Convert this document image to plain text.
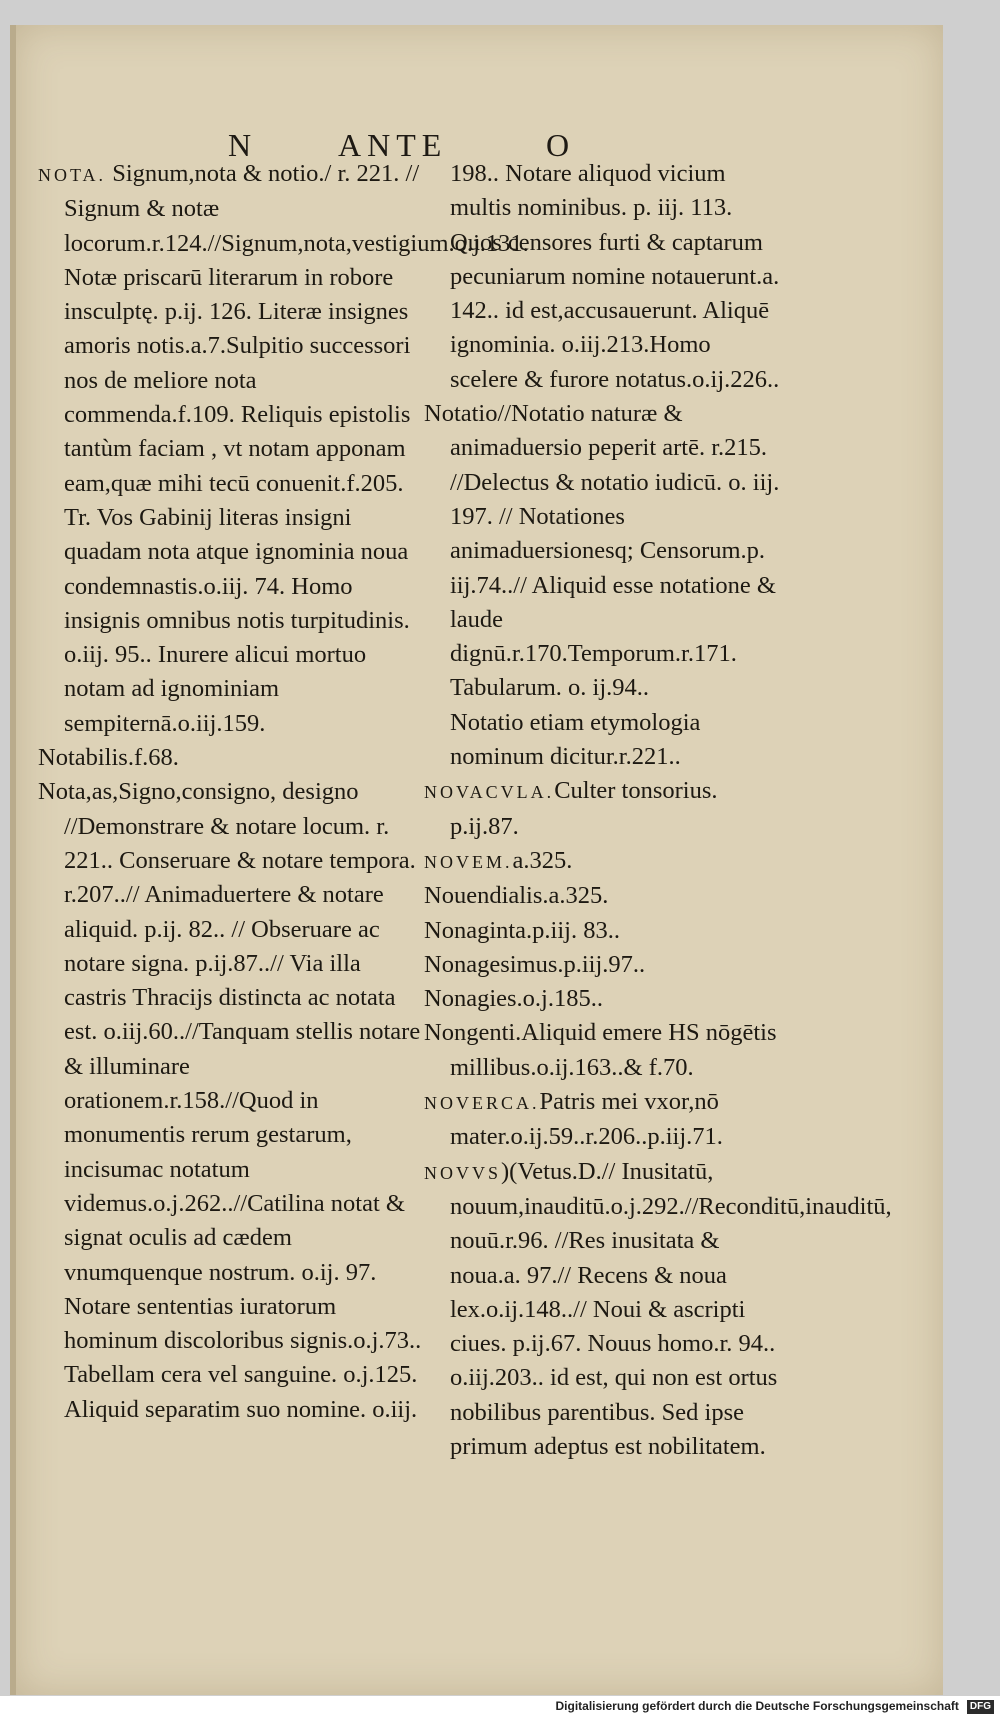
N	ANTE	O

NOTA. Signum,nota & notio./ r. 221. // Signum & notæ locorum.r.124.//Signum,nota,vestigium.o.j.131. Notæ priscarū literarum in robore insculptę. p.ij. 126. Literæ insignes amoris notis.a.7.Sulpitio successori nos de meliore nota commenda.f.109. Reliquis epistolis tantùm faciam , vt notam apponam eam,quæ mihi tecū conuenit.f.205. Tr. Vos Gabinij literas insigni quadam nota atque ignominia noua condemnastis.o.iij. 74. Homo insignis omnibus notis turpitudinis. o.iij. 95.. Inurere alicui mortuo notam ad ignominiam sempiternā.o.iij.159.

Notabilis.f.68.

Nota,as,Signo,consigno, designo //Demonstrare & notare locum. r. 221.. Conseruare & notare tempora. r.207..// Animaduertere & notare aliquid. p.ij. 82.. // Obseruare ac notare signa. p.ij.87..// Via illa castris Thracijs distincta ac notata est. o.iij.60..//Tanquam stellis notare & illuminare orationem.r.158.//Quod in monumentis rerum gestarum, incisumac notatum videmus.o.j.262..//Catilina notat & signat oculis ad cædem vnumquenque nostrum. o.ij. 97. Notare sententias iuratorum hominum discoloribus signis.o.j.73.. Tabellam cera vel sanguine. o.j.125. Aliquid separatim suo nomine. o.iij.

198.. Notare aliquod vicium multis nominibus. p. iij. 113. Quos censores furti & captarum pecuniarum nomine notauerunt.a. 142.. id est,accusauerunt. Aliquē ignominia. o.iij.213.Homo scelere & furore notatus.o.ij.226..

Notatio//Notatio naturæ & animaduersio peperit artē. r.215. //Delectus & notatio iudicū. o. iij. 197. // Notationes animaduersionesq; Censorum.p. iij.74..// Aliquid esse notatione & laude dignū.r.170.Temporum.r.171. Tabularum. o. ij.94..

Notatio etiam etymologia nominum dicitur.r.221..

NOVACVLA.Culter tonsorius. p.ij.87.

NOVEM.a.325.

Nouendialis.a.325.

Nonaginta.p.iij. 83..

Nonagesimus.p.iij.97..

Nonagies.o.j.185..

Nongenti.Aliquid emere HS nōgētis millibus.o.ij.163..& f.70.

NOVERCA.Patris mei vxor,nō mater.o.ij.59..r.206..p.iij.71.

NOVVS)(Vetus.D.// Inusitatū, nouum,inauditū.o.j.292.//Reconditū,inauditū, nouū.r.96. //Res inusitata & noua.a. 97.// Recens & noua lex.o.ij.148..// Noui & ascripti ciues. p.ij.67. Nouus homo.r. 94.. o.iij.203.. id est, qui non est ortus nobilibus parentibus. Sed ipse primum adeptus est nobilitatem.

Digitalisierung gefördert durch die Deutsche Forschungsgemeinschaft DFG
